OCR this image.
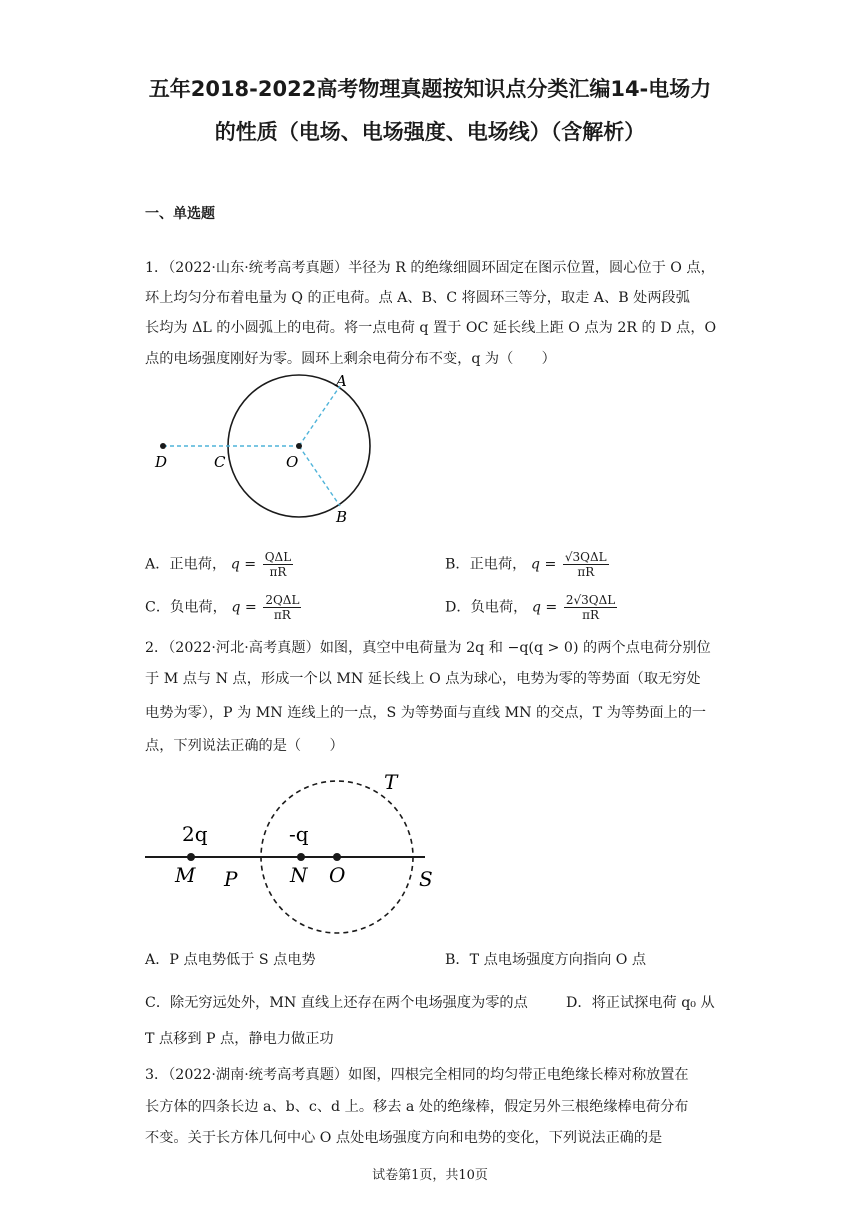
五年2018-2022高考物理真题按知识点分类汇编14-电场力
的性质（电场、电场强度、电场线）（含解析）
一、单选题
1．（2022·山东·统考高考真题）半径为 R 的绝缘细圆环固定在图示位置，圆心位于 O 点，
环上均匀分布着电量为 Q 的正电荷。点 A、B、C 将圆环三等分，取走 A、B 处两段弧
长均为 ΔL 的小圆弧上的电荷。将一点电荷 q 置于 OC 延长线上距 O 点为 2R 的 D 点，O
点的电场强度刚好为零。圆环上剩余电荷分布不变，q 为（　　）
A
B
C
D	O
A．正电荷， $q = \frac{\text{QΔL}}{\pi R}$	B．正电荷， $q = \frac{\text{√3QΔL}}{\pi R}$
C．负电荷， $q = \frac{\text{2QΔL}}{\pi R}$	D．负电荷， $q = \frac{\text{2√3QΔL}}{\pi R}$
2．（2022·河北·高考真题）如图，真空中电荷量为 2q 和 −q(q > 0) 的两个点电荷分别位
于 M 点与 N 点，形成一个以 MN 延长线上 O 点为球心，电势为零的等势面（取无穷处
电势为零），P 为 MN 连线上的一点，S 为等势面与直线 MN 的交点，T 为等势面上的一
点，下列说法正确的是（　　）
2q	-q
M P	N O	S
T
A．P 点电势低于 S 点电势	B．T 点电场强度方向指向 O 点
C．除无穷远处外，MN 直线上还存在两个电场强度为零的点	D．将正试探电荷 q₀ 从
T 点移到 P 点，静电力做正功
3．（2022·湖南·统考高考真题）如图，四根完全相同的均匀带正电绝缘长棒对称放置在
长方体的四条长边 a、b、c、d 上。移去 a 处的绝缘棒，假定另外三根绝缘棒电荷分布
不变。关于长方体几何中心 O 点处电场强度方向和电势的变化，下列说法正确的是
试卷第1页，共10页
